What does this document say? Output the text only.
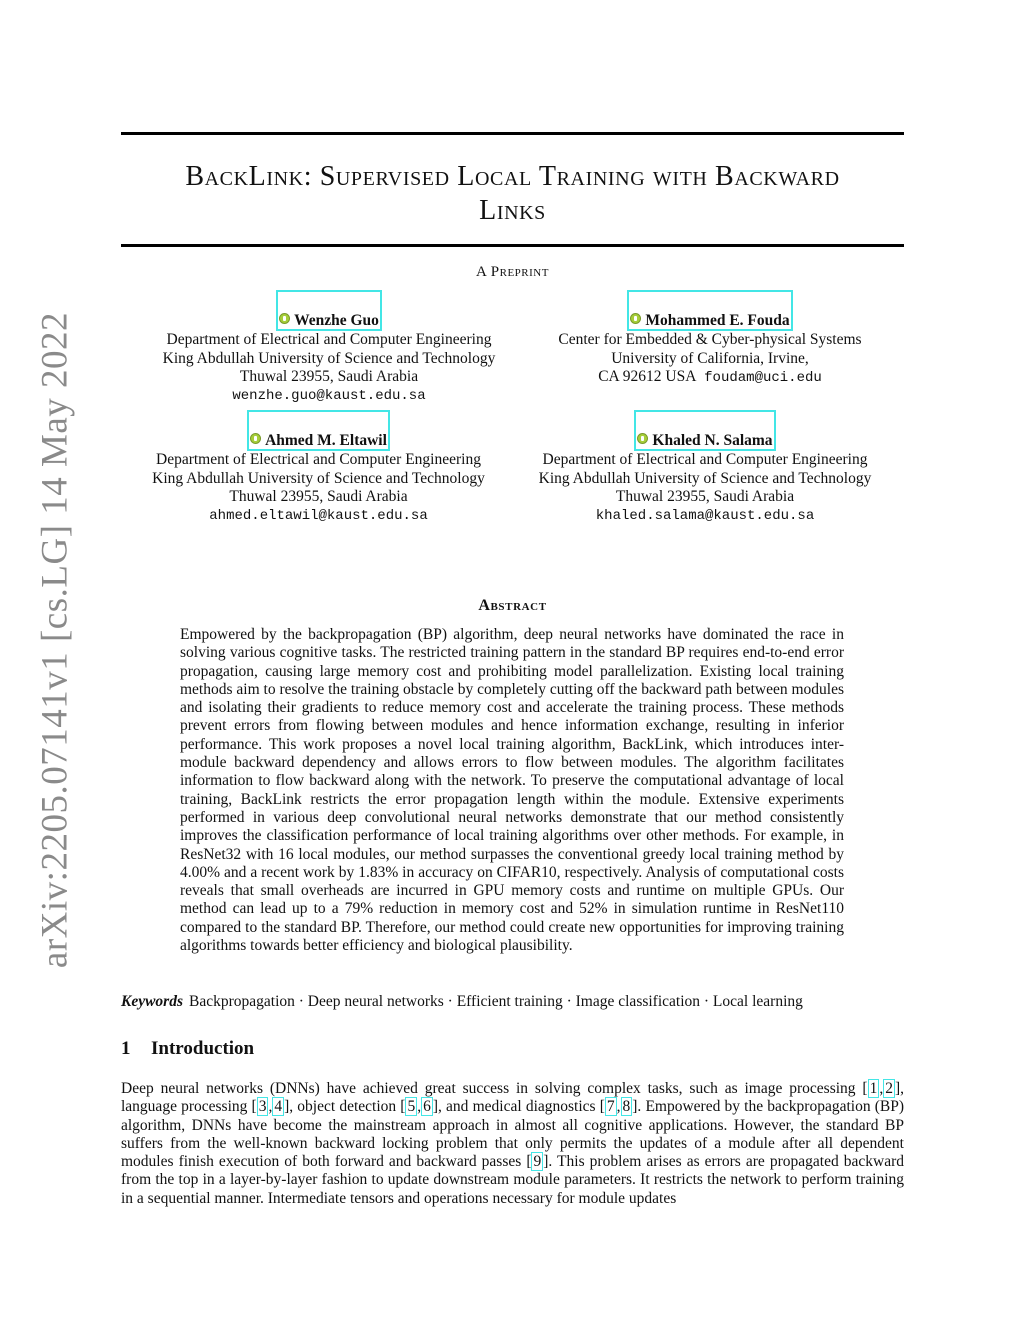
arXiv:2205.07141v1 [cs.LG] 14 May 2022
BackLink: Supervised Local Training with Backward
Links
A Preprint
Wenzhe Guo
Department of Electrical and Computer Engineering
King Abdullah University of Science and Technology
Thuwal 23955, Saudi Arabia
wenzhe.guo@kaust.edu.sa
Mohammed E. Fouda
Center for Embedded & Cyber-physical Systems
University of California, Irvine,
CA 92612 USA foudam@uci.edu
Ahmed M. Eltawil
Department of Electrical and Computer Engineering
King Abdullah University of Science and Technology
Thuwal 23955, Saudi Arabia
ahmed.eltawil@kaust.edu.sa
Khaled N. Salama
Department of Electrical and Computer Engineering
King Abdullah University of Science and Technology
Thuwal 23955, Saudi Arabia
khaled.salama@kaust.edu.sa
Abstract
Empowered by the backpropagation (BP) algorithm, deep neural networks have dominated the race in solving various cognitive tasks. The restricted training pattern in the standard BP requires end-to-end error propagation, causing large memory cost and prohibiting model parallelization. Existing local training methods aim to resolve the training obstacle by completely cutting off the backward path between modules and isolating their gradients to reduce memory cost and accelerate the training process. These methods prevent errors from flowing between modules and hence information exchange, resulting in inferior performance. This work proposes a novel local training algorithm, BackLink, which introduces inter-module backward dependency and allows errors to flow between modules. The algorithm facilitates information to flow backward along with the network. To preserve the computational advantage of local training, BackLink restricts the error propagation length within the module. Extensive experiments performed in various deep convolutional neural networks demonstrate that our method consistently improves the classification performance of local training algorithms over other methods. For example, in ResNet32 with 16 local modules, our method surpasses the conventional greedy local training method by 4.00% and a recent work by 1.83% in accuracy on CIFAR10, respectively. Analysis of computational costs reveals that small overheads are incurred in GPU memory costs and runtime on multiple GPUs. Our method can lead up to a 79% reduction in memory cost and 52% in simulation runtime in ResNet110 compared to the standard BP. Therefore, our method could create new opportunities for improving training algorithms towards better efficiency and biological plausibility.
Keywords Backpropagation · Deep neural networks · Efficient training · Image classification · Local learning
1 Introduction
Deep neural networks (DNNs) have achieved great success in solving complex tasks, such as image processing [ 1 , 2 ], language processing [ 3 , 4 ], object detection [ 5 , 6 ], and medical diagnostics [ 7 , 8 ]. Empowered by the backpropagation (BP) algorithm, DNNs have become the mainstream approach in almost all cognitive applications. However, the standard BP suffers from the well-known backward locking problem that only permits the updates of a module after all dependent modules finish execution of both forward and backward passes [ 9 ]. This problem arises as errors are propagated backward from the top in a layer-by-layer fashion to update downstream module parameters. It restricts the network to perform training in a sequential manner. Intermediate tensors and operations necessary for module updates
